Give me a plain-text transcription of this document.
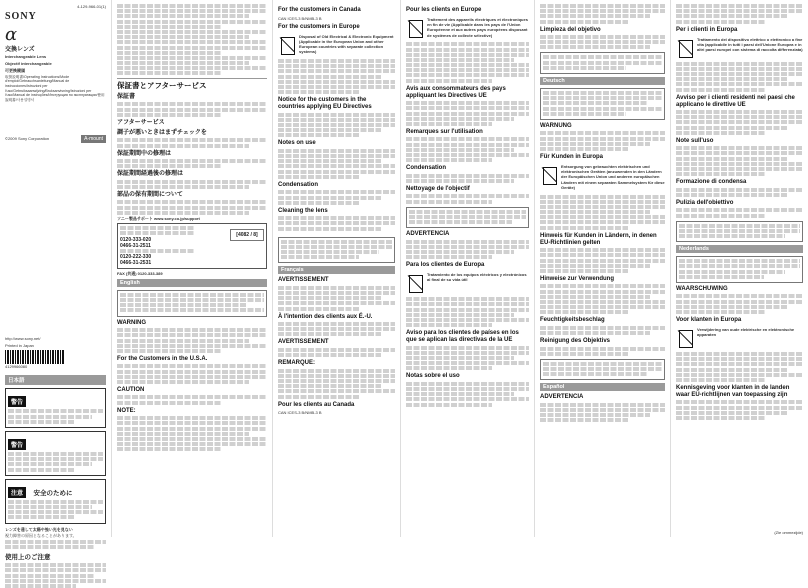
4-129-966-01(1)
SONY
α
交換レンズ
Interchangeable Lens
Objectif interchangeable
可更換鏡頭
取扱説明書/Operating Instructions/Mode d'emploi/Gebrauchsanleitung/Manual de instrucciones/Istruzioni per l'uso/Gebruiksaanwijzing/Bruksanvisning/Istruzioni per l'uso/Manual de instruções/Инструкция по эксплуатации/使用說明書/사용설명서
©2009 Sony Corporation	A-mount
http://www.sony.net/
Printed in Japan
4129966080
日本語
警告
警告
注意 安全のために
レンズを通して太陽や強い光を見ない
視力障害の原因となることがあります。
使用上のご注意
保証書とアフターサービス
保証書
アフターサービス
調子が悪いときはまずチェックを
保証期間中の修理は
保証期間経過後の修理は
部品の保有期間について
ソニー製品サポート www.sony.co.jp/support
0120-333-020
0466-31-2511
0120-222-330
0466-31-2531
[4082 / 8]
FAX (共通) 0120-333-389
English
WARNING
For the Customers in the U.S.A.
CAUTION
NOTE:
For the customers in Canada
CAN ICES-3 B/NMB-3 B
For the customers in Europe
Disposal of Old Electrical & Electronic Equipment (Applicable in the European Union and other European countries with separate collection systems)
Notice for the customers in the countries applying EU Directives
Notes on use
Condensation
Cleaning the lens
Français
AVERTISSEMENT
À l'intention des clients aux É.-U.
AVERTISSEMENT
REMARQUE:
Pour les clients au Canada
CAN ICES-3 B/NMB-3 B
Pour les clients en Europe
Traitement des appareils électriques et électroniques en fin de vie (Applicable dans les pays de l'Union Européenne et aux autres pays européens disposant de systèmes de collecte sélective)
Avis aux consommateurs des pays appliquant les Directives UE
Remarques sur l'utilisation
Condensation
Nettoyage de l'objectif
ADVERTENCIA
Para los clientes de Europa
Tratamiento de los equipos eléctricos y electrónicos al final de su vida útil
Aviso para los clientes de países en los que se aplican las directivas de la UE
Notas sobre el uso
Limpieza del objetivo
Deutsch
WARNUNG
Für Kunden in Europa
Entsorgung von gebrauchten elektrischen und elektronischen Geräten (anzuwenden in den Ländern der Europäischen Union und anderen europäischen Ländern mit einem separaten Sammelsystem für diese Geräte)
Hinweis für Kunden in Ländern, in denen EU-Richtlinien gelten
Hinweise zur Verwendung
Feuchtigkeitsbeschlag
Reinigung des Objektivs
Español
ADVERTENCIA
Per i clienti in Europa
Trattamento del dispositivo elettrico o elettronico a fine vita (applicabile in tutti i paesi dell'Unione Europea e in altri paesi europei con sistema di raccolta differenziata)
Avviso per i clienti residenti nei paesi che applicano le direttive UE
Note sull'uso
Formazione di condensa
Pulizia dell'obiettivo
Nederlands
WAARSCHUWING
Voor klanten in Europa
Verwijdering van oude elektrische en elektronische apparaten
Kennisgeving voor klanten in de landen waar EU-richtlijnen van toepassing zijn
(Zie ommezijde)
